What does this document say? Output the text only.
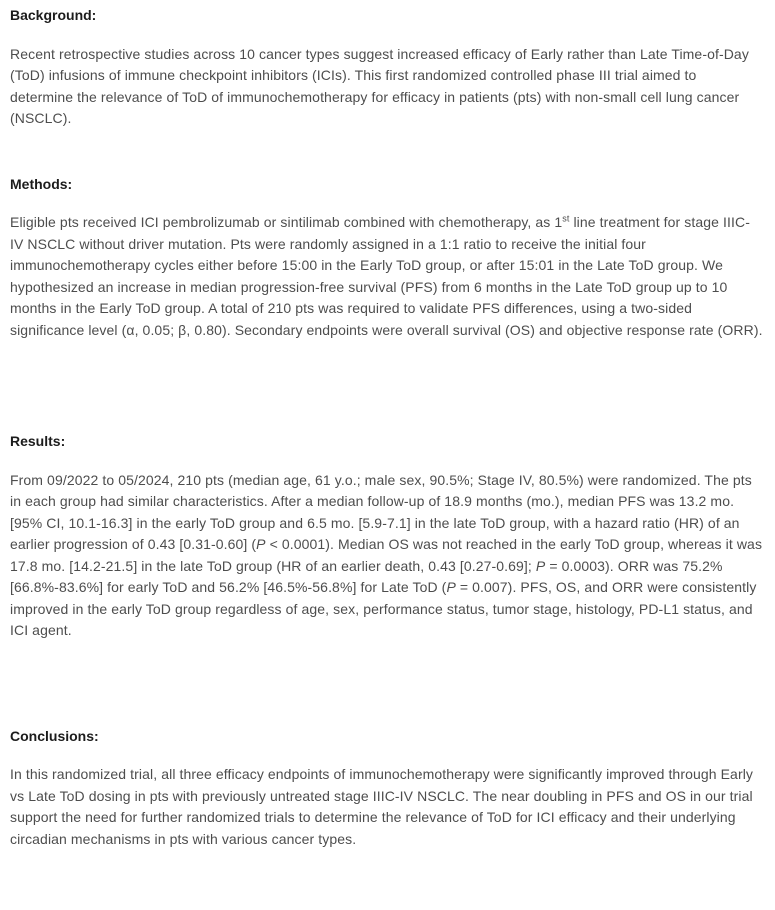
Background:

Recent retrospective studies across 10 cancer types suggest increased efficacy of Early rather than Late Time-of-Day (ToD) infusions of immune checkpoint inhibitors (ICIs). This first randomized controlled phase III trial aimed to determine the relevance of ToD of immunochemotherapy for efficacy in patients (pts) with non-small cell lung cancer (NSCLC).

Methods:

Eligible pts received ICI pembrolizumab or sintilimab combined with chemotherapy, as 1st line treatment for stage IIIC-IV NSCLC without driver mutation. Pts were randomly assigned in a 1:1 ratio to receive the initial four immunochemotherapy cycles either before 15:00 in the Early ToD group, or after 15:01 in the Late ToD group. We hypothesized an increase in median progression-free survival (PFS) from 6 months in the Late ToD group up to 10 months in the Early ToD group. A total of 210 pts was required to validate PFS differences, using a two-sided significance level (α, 0.05; β, 0.80). Secondary endpoints were overall survival (OS) and objective response rate (ORR).

Results:

From 09/2022 to 05/2024, 210 pts (median age, 61 y.o.; male sex, 90.5%; Stage IV, 80.5%) were randomized. The pts in each group had similar characteristics. After a median follow-up of 18.9 months (mo.), median PFS was 13.2 mo. [95% CI, 10.1-16.3] in the early ToD group and 6.5 mo. [5.9-7.1] in the late ToD group, with a hazard ratio (HR) of an earlier progression of 0.43 [0.31-0.60] (P < 0.0001). Median OS was not reached in the early ToD group, whereas it was 17.8 mo. [14.2-21.5] in the late ToD group (HR of an earlier death, 0.43 [0.27-0.69]; P = 0.0003). ORR was 75.2% [66.8%-83.6%] for early ToD and 56.2% [46.5%-56.8%] for Late ToD (P = 0.007). PFS, OS, and ORR were consistently improved in the early ToD group regardless of age, sex, performance status, tumor stage, histology, PD-L1 status, and ICI agent.

Conclusions:

In this randomized trial, all three efficacy endpoints of immunochemotherapy were significantly improved through Early vs Late ToD dosing in pts with previously untreated stage IIIC-IV NSCLC. The near doubling in PFS and OS in our trial support the need for further randomized trials to determine the relevance of ToD for ICI efficacy and their underlying circadian mechanisms in pts with various cancer types.
